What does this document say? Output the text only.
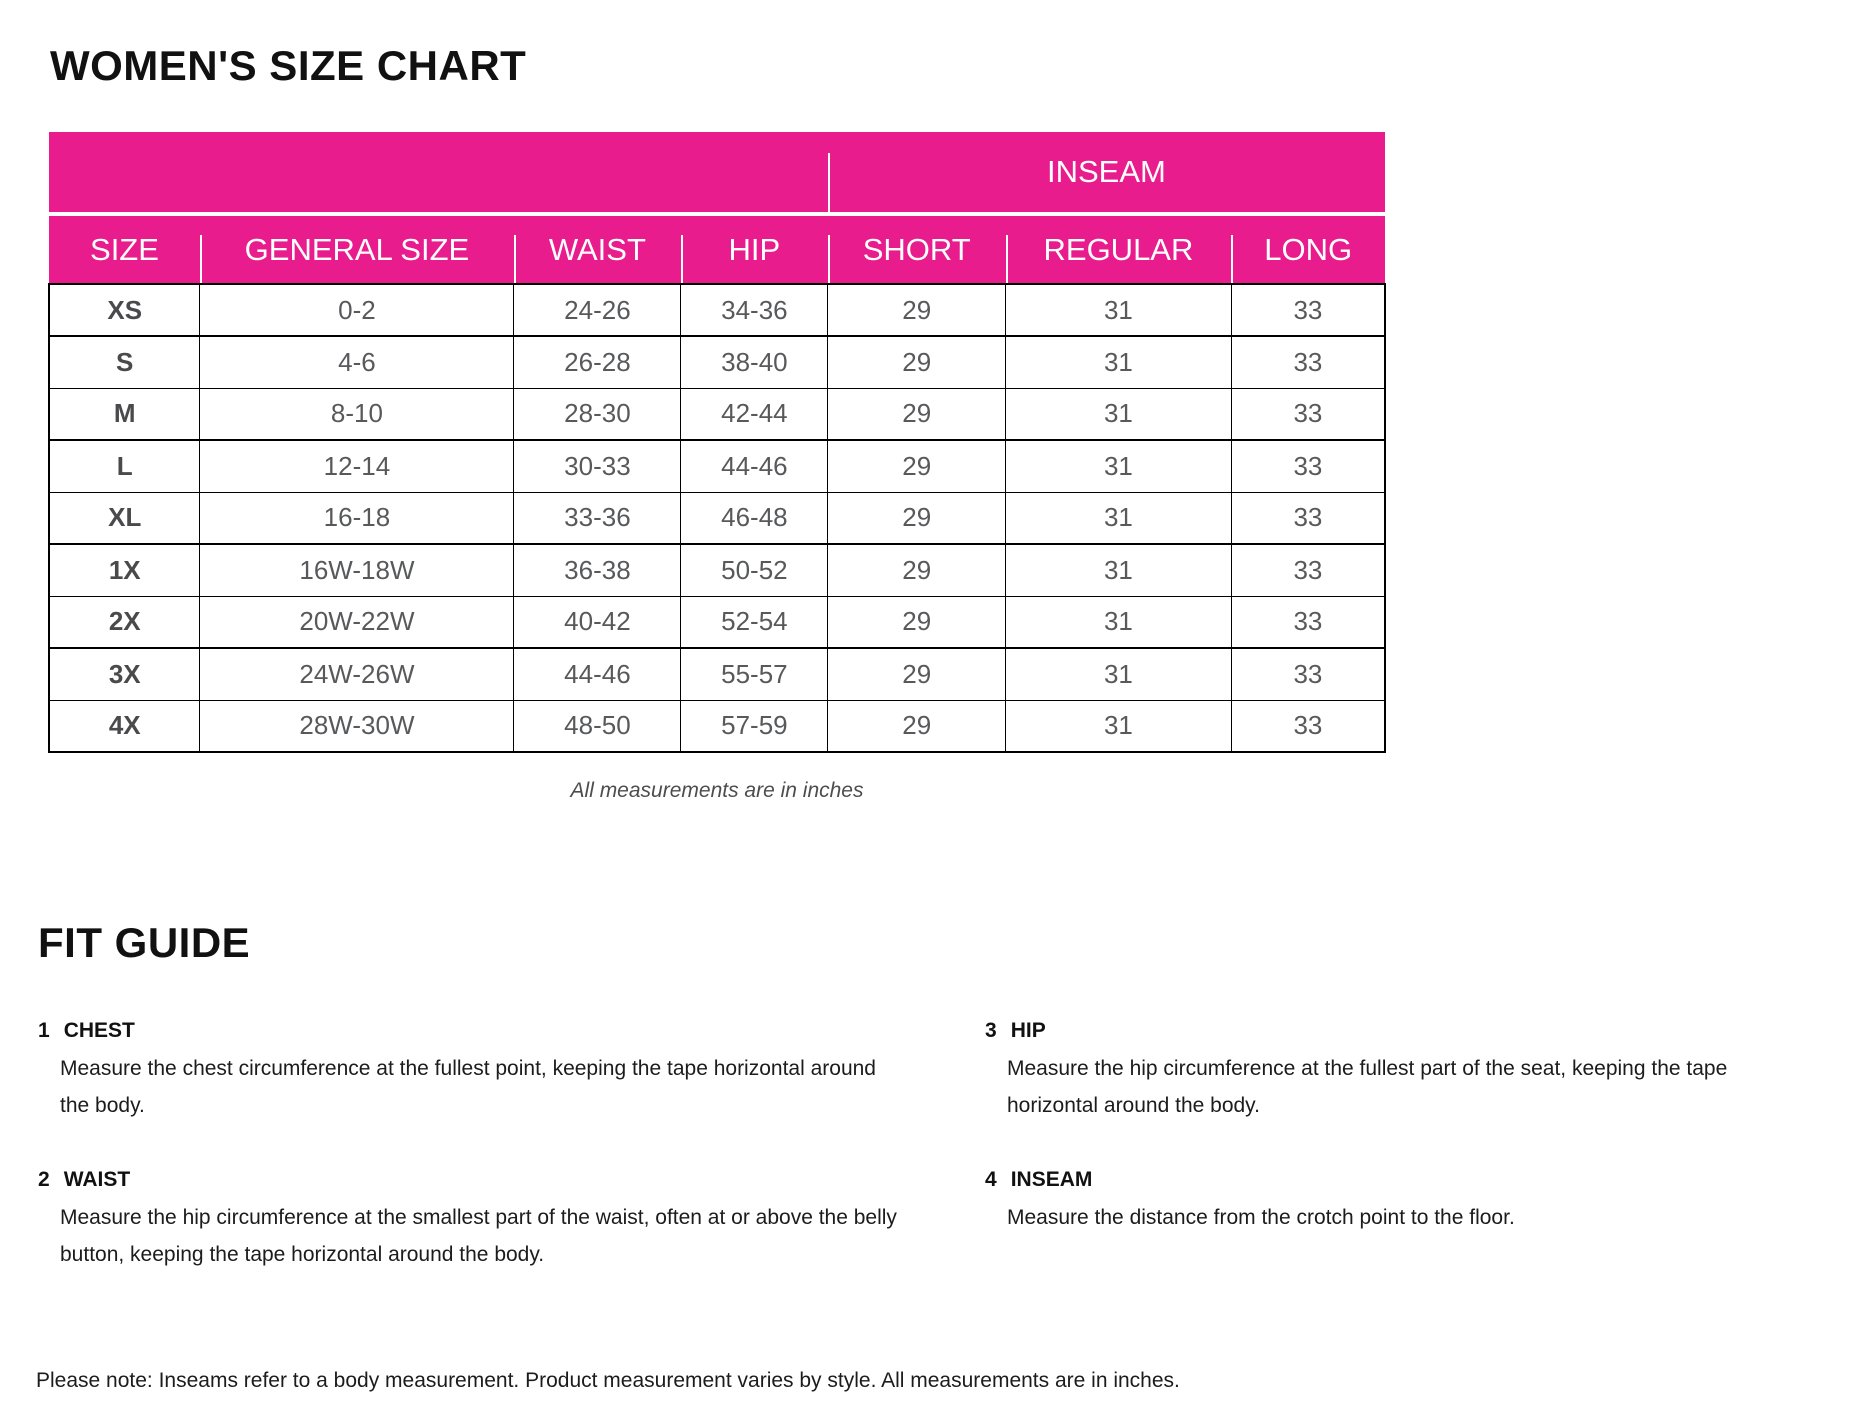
WOMEN'S SIZE CHART
				INSEAM		
SIZE	GENERAL SIZE	WAIST	HIP	SHORT	REGULAR	LONG
XS	0-2	24-26	34-36	29	31	33
S	4-6	26-28	38-40	29	31	33
M	8-10	28-30	42-44	29	31	33
L	12-14	30-33	44-46	29	31	33
XL	16-18	33-36	46-48	29	31	33
1X	16W-18W	36-38	50-52	29	31	33
2X	20W-22W	40-42	52-54	29	31	33
3X	24W-26W	44-46	55-57	29	31	33
4X	28W-30W	48-50	57-59	29	31	33
All measurements are in inches
FIT GUIDE
1 CHEST

Measure the chest circumference at the fullest point, keeping the tape horizontal around the body.

2 WAIST

Measure the hip circumference at the smallest part of the waist, often at or above the belly button, keeping the tape horizontal around the body.

3 HIP

Measure the hip circumference at the fullest part of the seat, keeping the tape horizontal around the body.

4 INSEAM

Measure the distance from the crotch point to the floor.

Please note: Inseams refer to a body measurement. Product measurement varies by style. All measurements are in inches.
